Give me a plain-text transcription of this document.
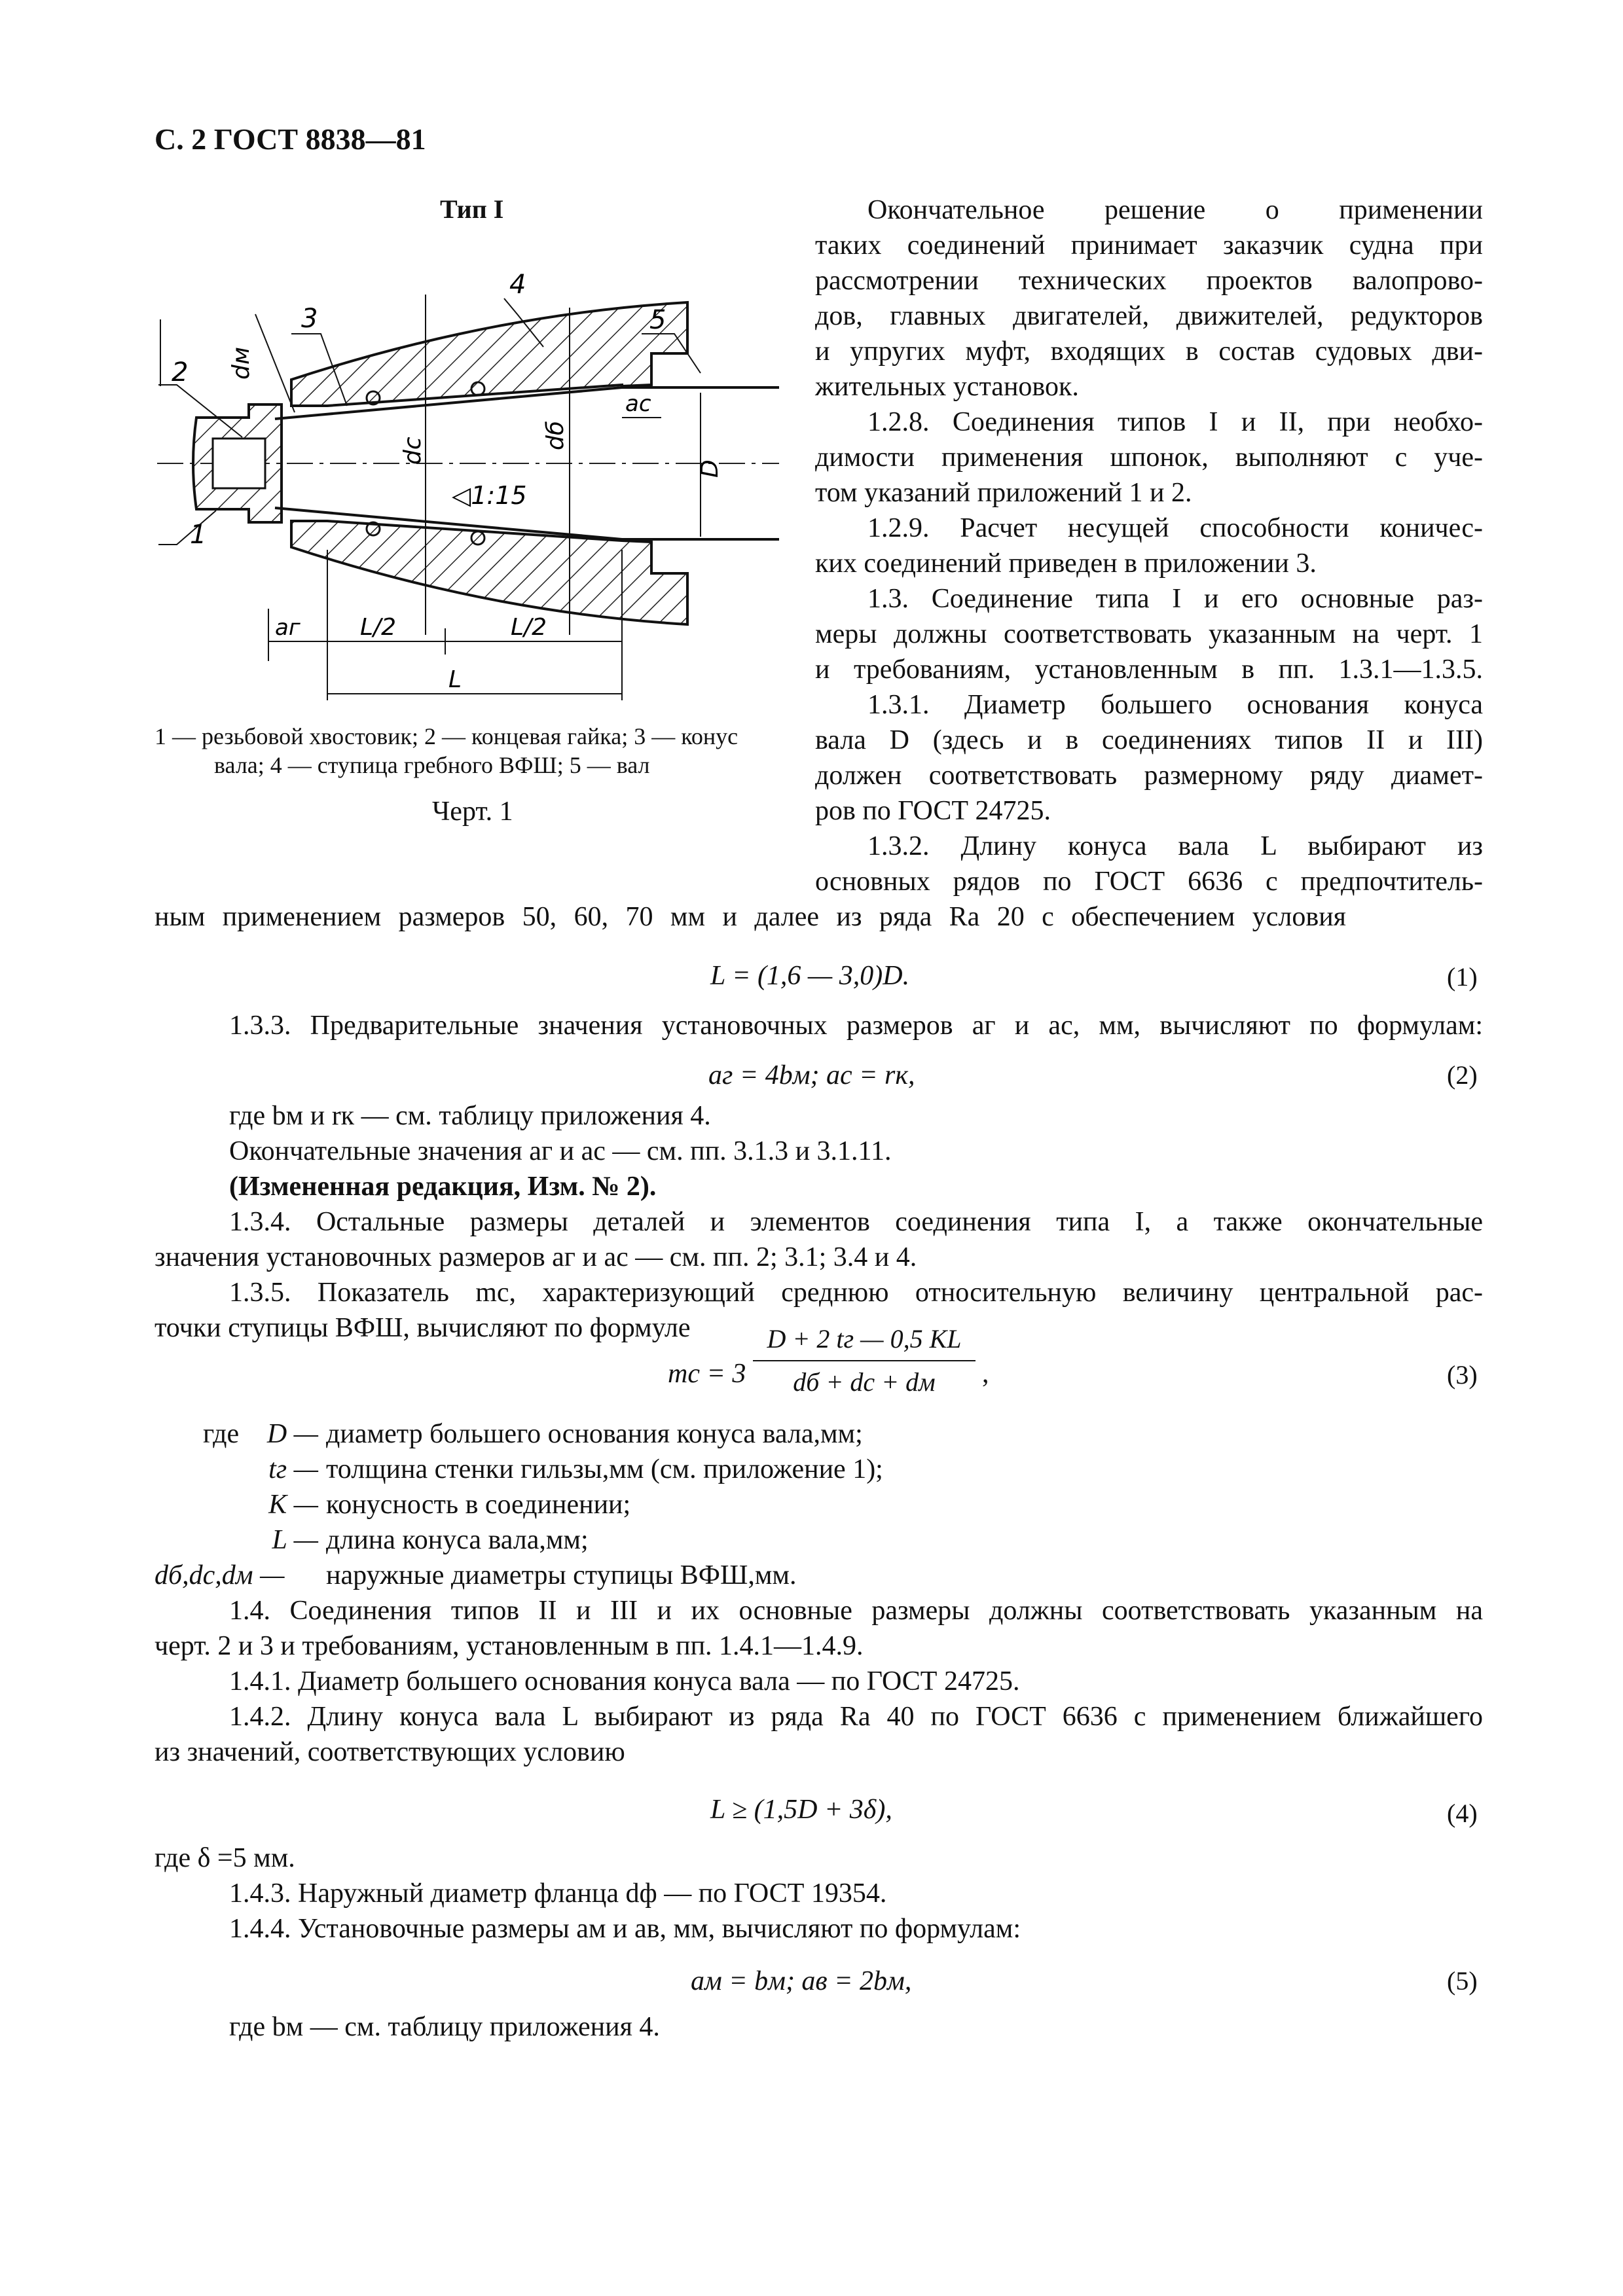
С. 2 ГОСТ 8838—81
Тип I
2
1
3
4
5
dм
dc
dб
D
ac
aг	L/2	L/2
L
◁1:15
1 — резьбовой хвостовик; 2 — концевая гайка; 3 — конус
вала; 4 — ступица гребного ВФШ; 5 — вал
Черт. 1
Окончательное решение о применении
таких соединений принимает заказчик судна при
рассмотрении технических проектов валопрово-
дов, главных двигателей, движителей, редукторов
и упругих муфт, входящих в состав судовых дви-
жительных установок.
1.2.8. Соединения типов I и II, при необхо-
димости применения шпонок, выполняют с уче-
том указаний приложений 1 и 2.
1.2.9. Расчет несущей способности коничес-
ких соединений приведен в приложении 3.
1.3. Соединение типа I и его основные раз-
меры должны соответствовать указанным на черт. 1
и требованиям, установленным в пп. 1.3.1—1.3.5.
1.3.1. Диаметр большего основания конуса
вала D (здесь и в соединениях типов II и III)
должен соответствовать размерному ряду диамет-
ров по ГОСТ 24725.
1.3.2. Длину конуса вала L выбирают из
основных рядов по ГОСТ 6636 с предпочтитель-
ным применением размеров 50, 60, 70 мм и далее из ряда Ra 20 с обеспечением условия
L = (1,6 — 3,0)D.	(1)
1.3.3. Предварительные значения установочных размеров aг и aс, мм, вычисляют по формулам:
aг = 4bм; aс = rк,	(2)
где bм и rк — см. таблицу приложения 4.
Окончательные значения aг и aс — см. пп. 3.1.3 и 3.1.11.
(Измененная редакция, Изм. № 2).
1.3.4. Остальные размеры деталей и элементов соединения типа I, а также окончательные
значения установочных размеров aг и aс — см. пп. 2; 3.1; 3.4 и 4.
1.3.5. Показатель mс, характеризующий среднюю относительную величину центральной рас-
точки ступицы ВФШ, вычисляют по формуле
mс = 3
D + 2 tг — 0,5 KL
dб + dс + dм	,	(3)
где D — диаметр большего основания конуса вала,мм;
tг — толщина стенки гильзы,мм (см. приложение 1);
K — конусность в соединении;
L — длина конуса вала,мм;
dб,dс,dм — наружные диаметры ступицы ВФШ,мм.
1.4. Соединения типов II и III и их основные размеры должны соответствовать указанным на
черт. 2 и 3 и требованиям, установленным в пп. 1.4.1—1.4.9.
1.4.1. Диаметр большего основания конуса вала — по ГОСТ 24725.
1.4.2. Длину конуса вала L выбирают из ряда Ra 40 по ГОСТ 6636 с применением ближайшего
из значений, соответствующих условию
L ≥ (1,5D + 3δ),	(4)
где δ =5 мм.
1.4.3. Наружный диаметр фланца dф — по ГОСТ 19354.
1.4.4. Установочные размеры aм и aв, мм, вычисляют по формулам:
aм = bм; aв = 2bм,	(5)
где bм — см. таблицу приложения 4.
